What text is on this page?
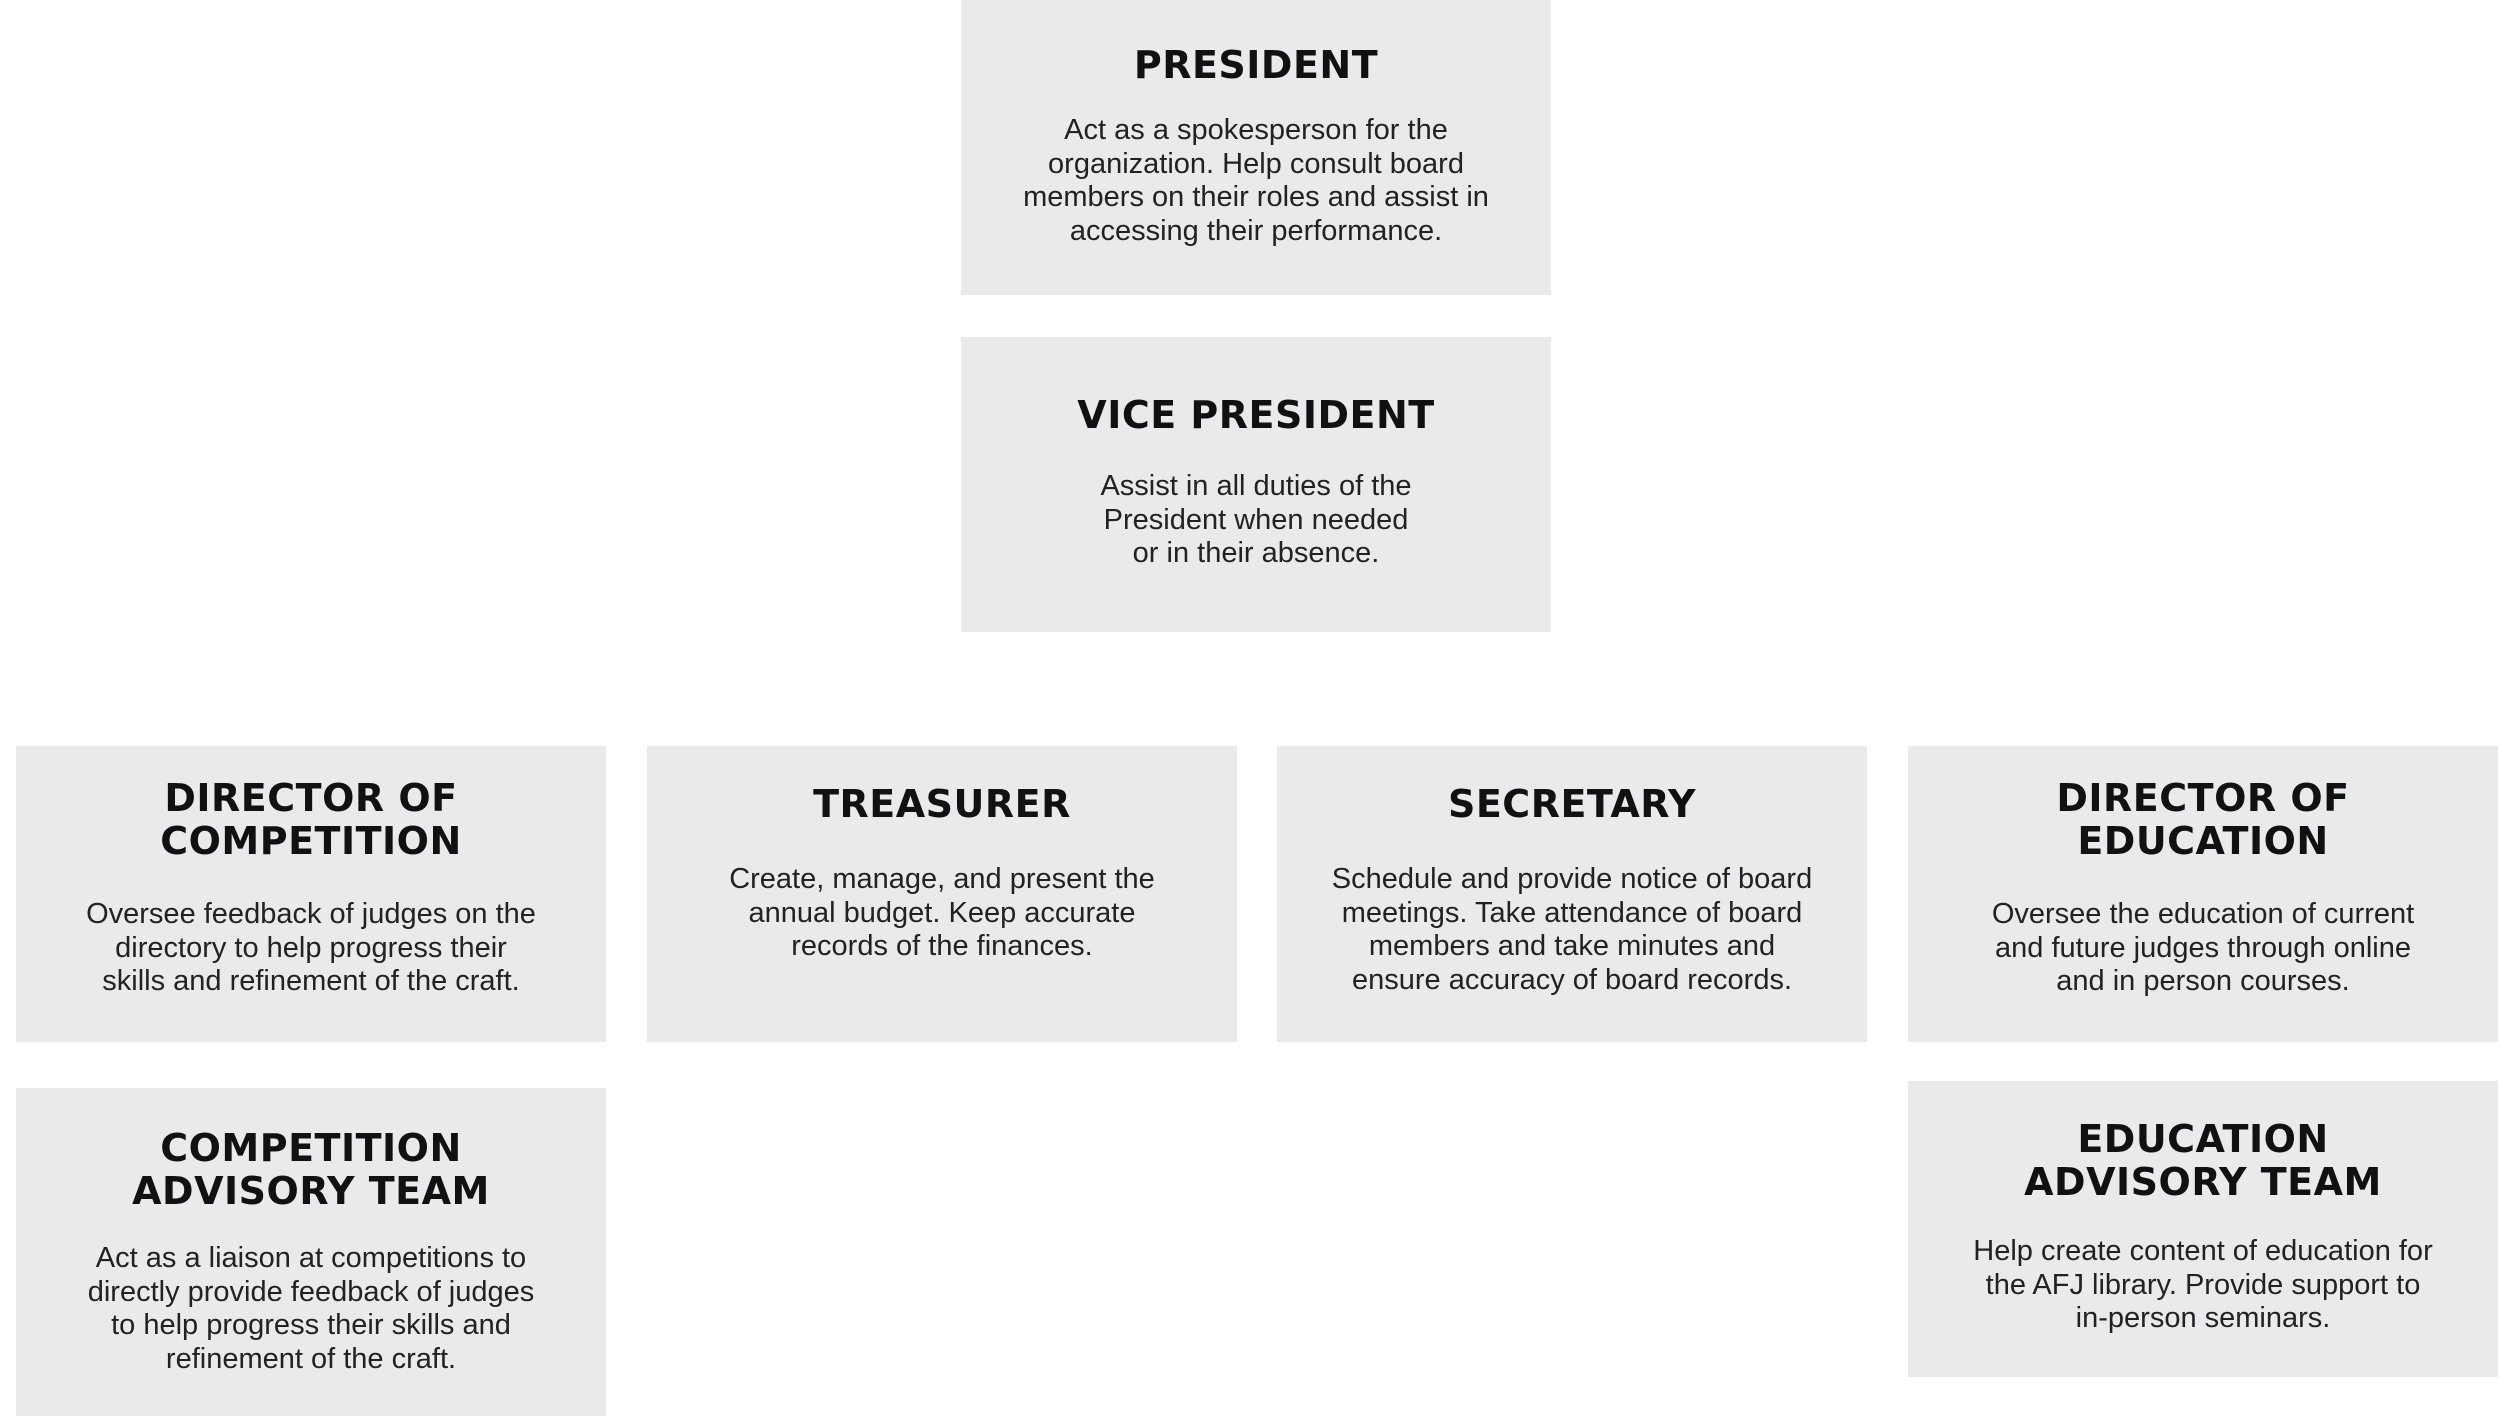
PRESIDENT
Act as a spokesperson for the
organization. Help consult board
members on their roles and assist in
accessing their performance.
VICE PRESIDENT
Assist in all duties of the
President when needed
or in their absence.
DIRECTOR OF
COMPETITION
Oversee feedback of judges on the
directory to help progress their
skills and refinement of the craft.
TREASURER
Create, manage, and present the
annual budget. Keep accurate
records of the finances.
SECRETARY
Schedule and provide notice of board
meetings. Take attendance of board
members and take minutes and
ensure accuracy of board records.
DIRECTOR OF
EDUCATION
Oversee the education of current
and future judges through online
and in person courses.
COMPETITION
ADVISORY TEAM
Act as a liaison at competitions to
directly provide feedback of judges
to help progress their skills and
refinement of the craft.
EDUCATION
ADVISORY TEAM
Help create content of education for
the AFJ library. Provide support to
in-person seminars.
